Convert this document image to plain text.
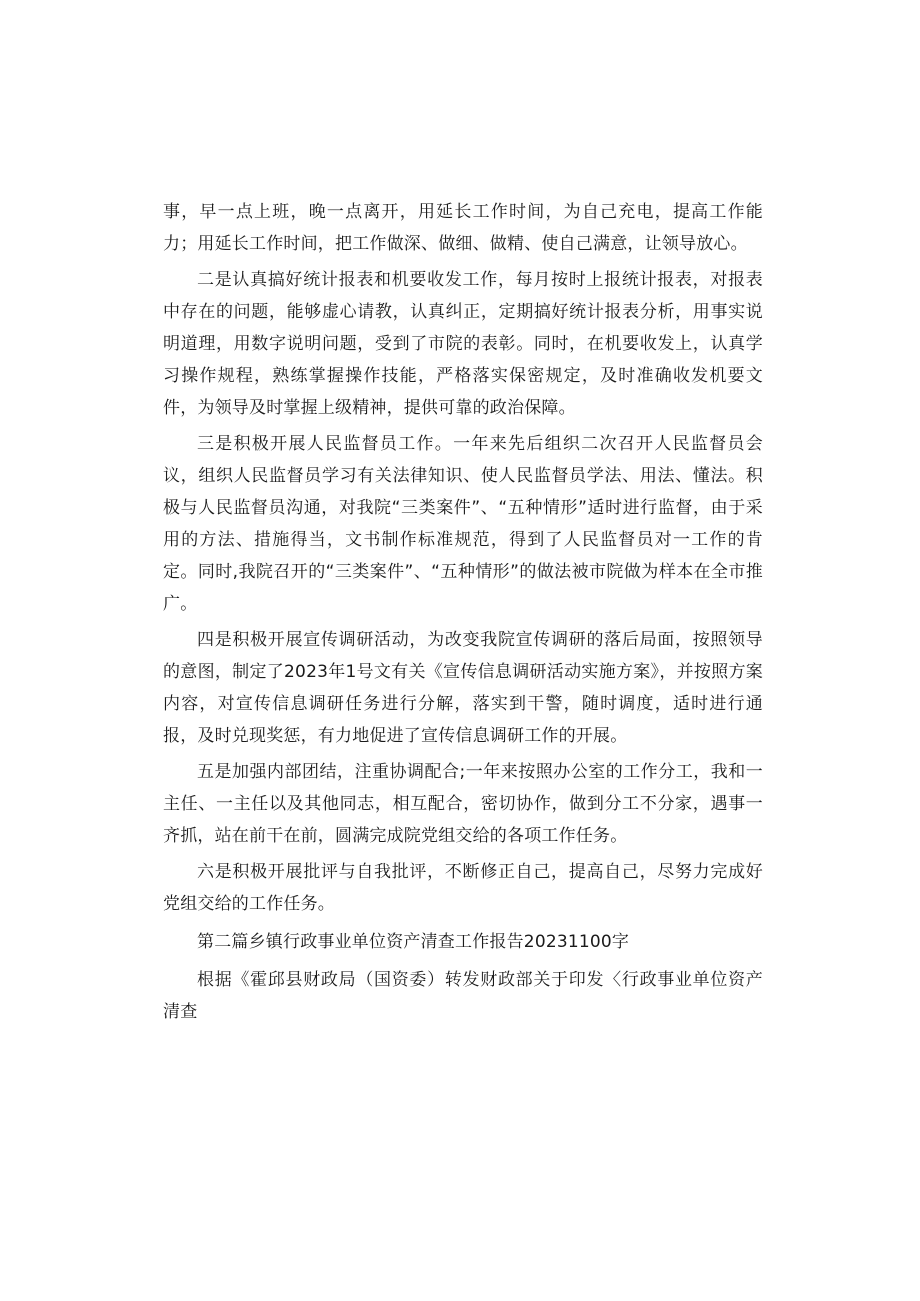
事，早一点上班，晚一点离开，用延长工作时间，为自己充电，提高工作能力；用延长工作时间，把工作做深、做细、做精、使自己满意，让领导放心。

二是认真搞好统计报表和机要收发工作，每月按时上报统计报表，对报表中存在的问题，能够虚心请教，认真纠正，定期搞好统计报表分析，用事实说明道理，用数字说明问题，受到了市院的表彰。同时，在机要收发上，认真学习操作规程，熟练掌握操作技能，严格落实保密规定，及时准确收发机要文件，为领导及时掌握上级精神，提供可靠的政治保障。

三是积极开展人民监督员工作。一年来先后组织二次召开人民监督员会议，组织人民监督员学习有关法律知识、使人民监督员学法、用法、懂法。积极与人民监督员沟通，对我院“三类案件”、“五种情形”适时进行监督，由于采用的方法、措施得当，文书制作标准规范，得到了人民监督员对一工作的肯定。同时,我院召开的“三类案件”、“五种情形”的做法被市院做为样本在全市推广。

四是积极开展宣传调研活动，为改变我院宣传调研的落后局面，按照领导的意图，制定了2023年1号文有关《宣传信息调研活动实施方案》，并按照方案内容，对宣传信息调研任务进行分解，落实到干警，随时调度，适时进行通报，及时兑现奖惩，有力地促进了宣传信息调研工作的开展。

五是加强内部团结，注重协调配合;一年来按照办公室的工作分工，我和一主任、一主任以及其他同志，相互配合，密切协作，做到分工不分家，遇事一齐抓，站在前干在前，圆满完成院党组交给的各项工作任务。

六是积极开展批评与自我批评，不断修正自己，提高自己，尽努力完成好党组交给的工作任务。

第二篇乡镇行政事业单位资产清查工作报告20231100字

根据《霍邱县财政局（国资委）转发财政部关于印发〈行政事业单位资产清查
